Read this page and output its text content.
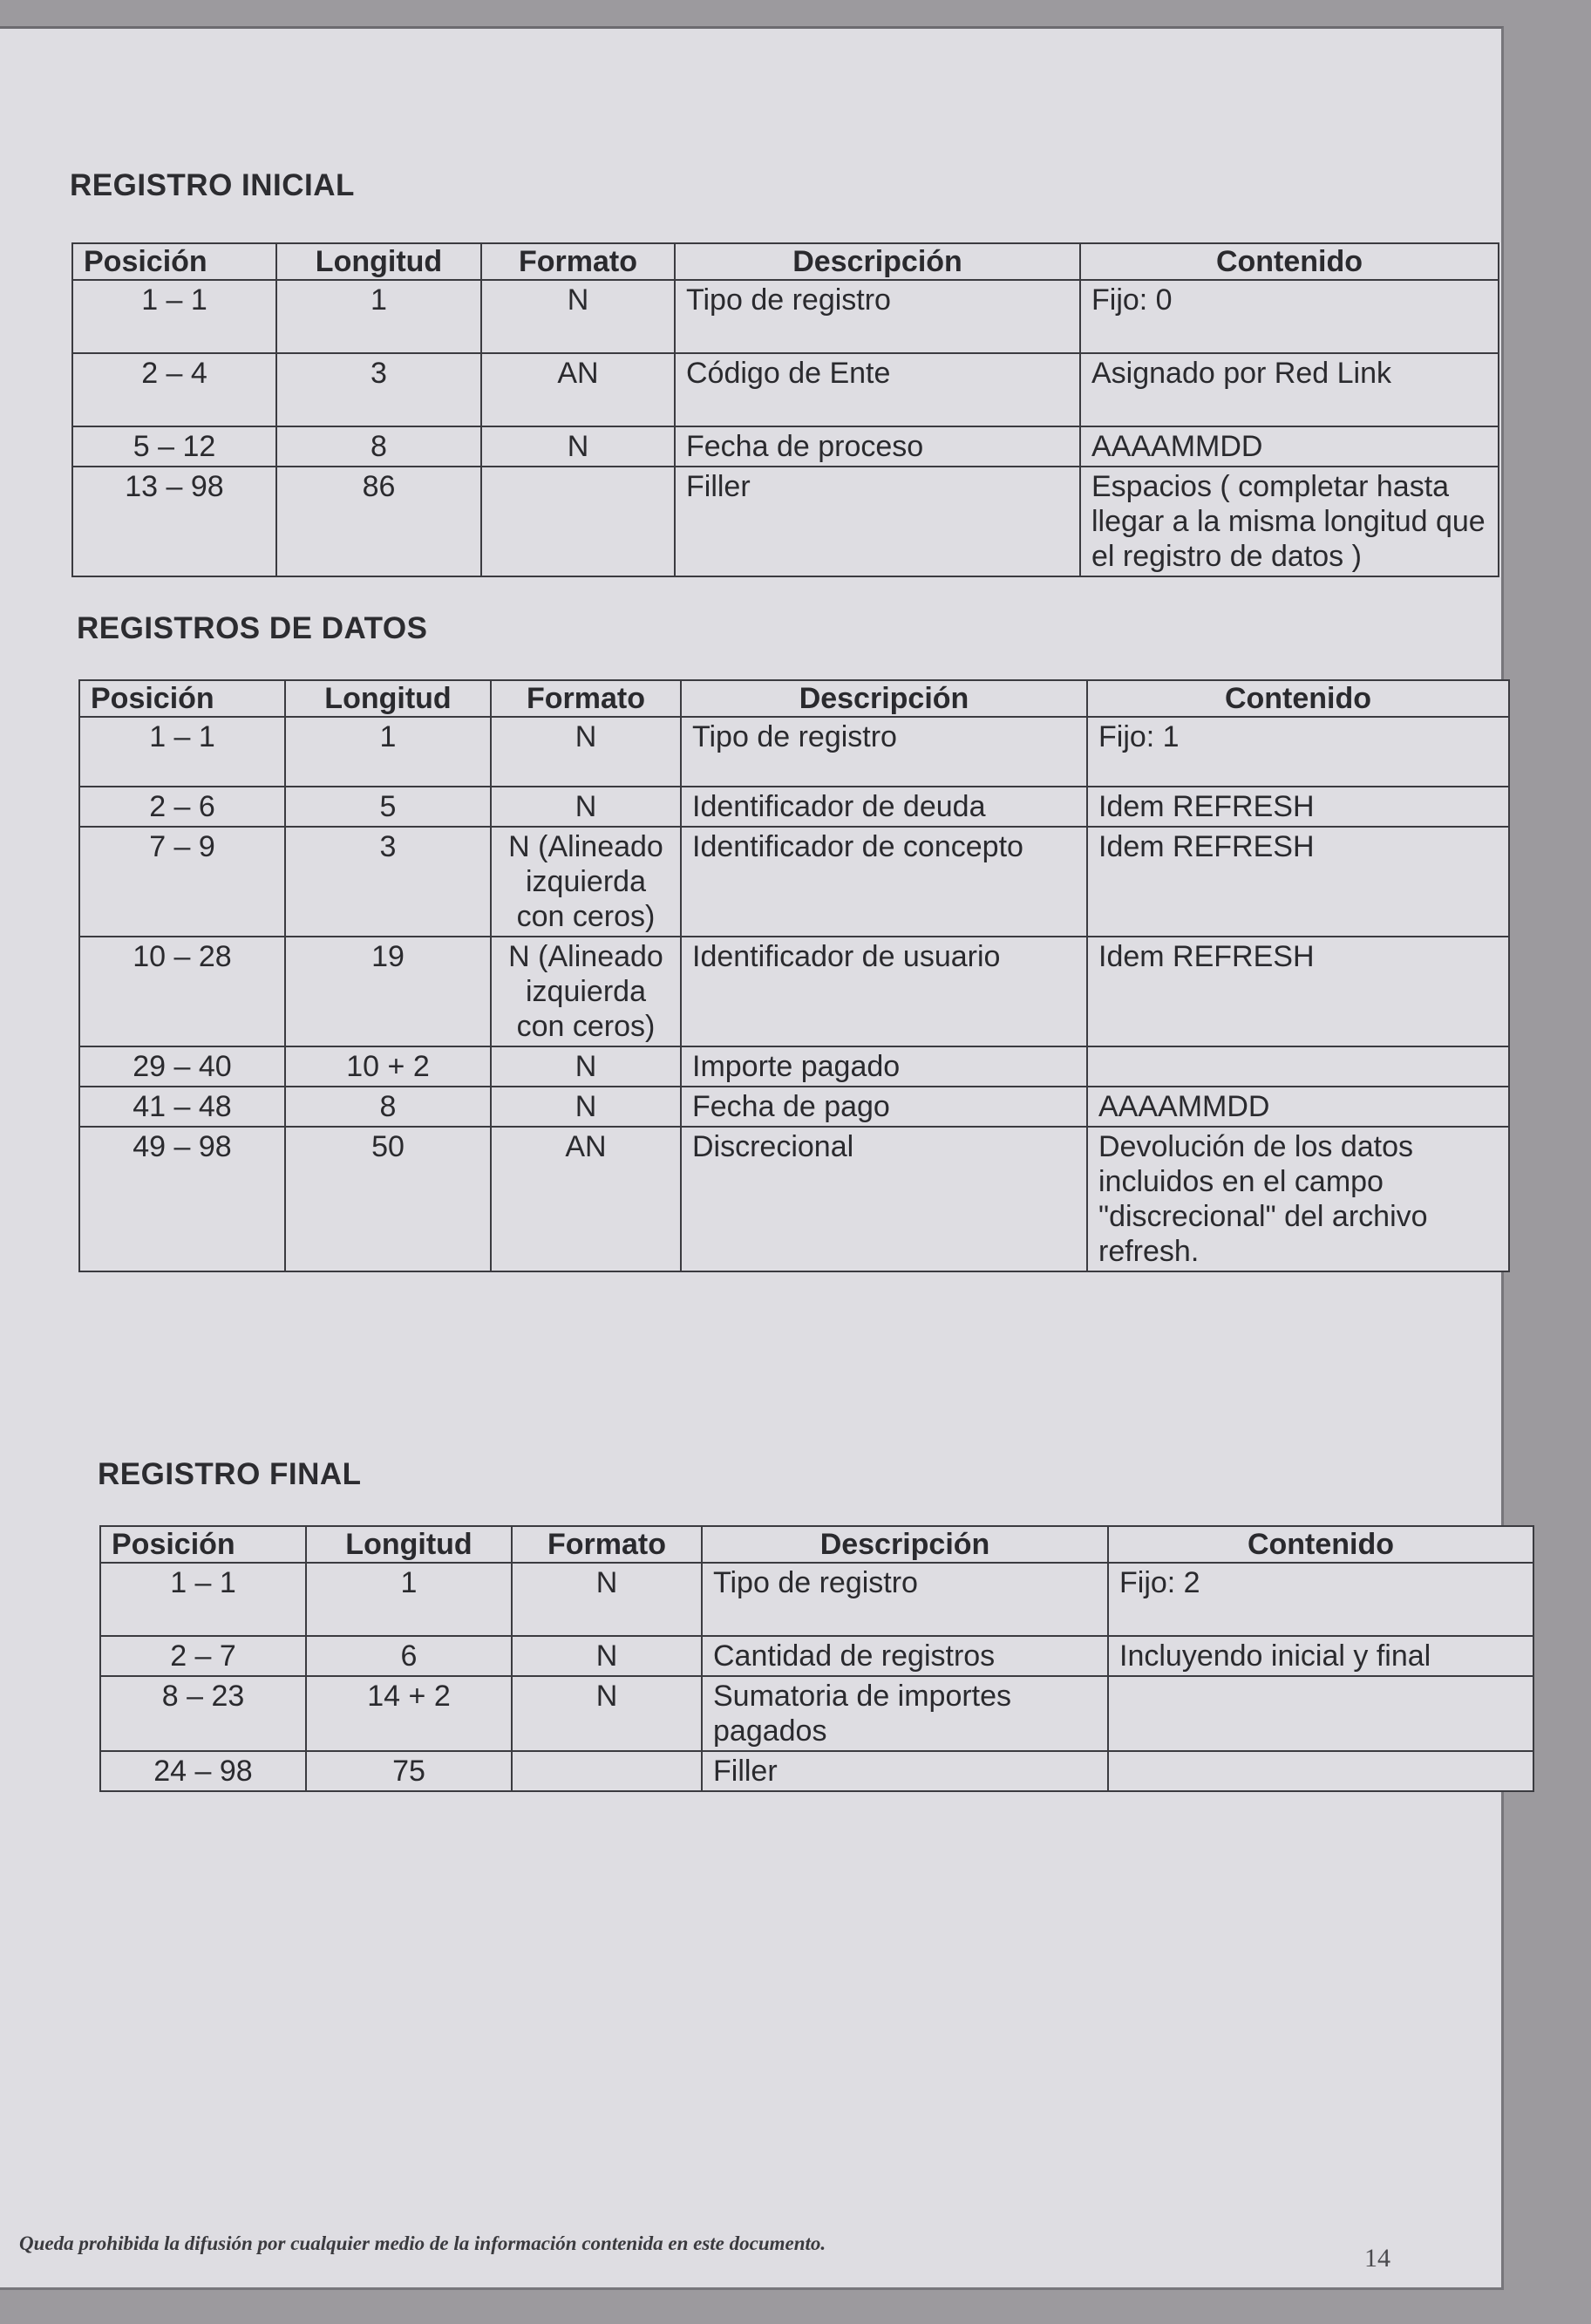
REGISTRO INICIAL
Posición	Longitud	Formato	Descripción	Contenido
1 – 1	1	N	Tipo de registro	Fijo: 0
2 – 4	3	AN	Código de Ente	Asignado por Red Link
5 – 12	8	N	Fecha de proceso	AAAAMMDD
13 – 98	86		Filler	Espacios ( completar hasta llegar a la misma longitud que el registro de datos )
REGISTROS DE DATOS
Posición	Longitud	Formato	Descripción	Contenido
1 – 1	1	N	Tipo de registro	Fijo: 1
2 – 6	5	N	Identificador de deuda	Idem REFRESH
7 – 9	3	N (Alineado izquierda con ceros)	Identificador de concepto	Idem REFRESH
10 – 28	19	N (Alineado izquierda con ceros)	Identificador de usuario	Idem REFRESH
29 – 40	10 + 2	N	Importe pagado	
41 – 48	8	N	Fecha de pago	AAAAMMDD
49 – 98	50	AN	Discrecional	Devolución de los datos incluidos en el campo "discrecional" del archivo refresh.
REGISTRO FINAL
Posición	Longitud	Formato	Descripción	Contenido
1 – 1	1	N	Tipo de registro	Fijo: 2
2 – 7	6	N	Cantidad de registros	Incluyendo inicial y final
8 – 23	14 + 2	N	Sumatoria de importes pagados	
24 – 98	75		Filler	
14
Queda prohibida la difusión por cualquier medio de la información contenida en este documento.
